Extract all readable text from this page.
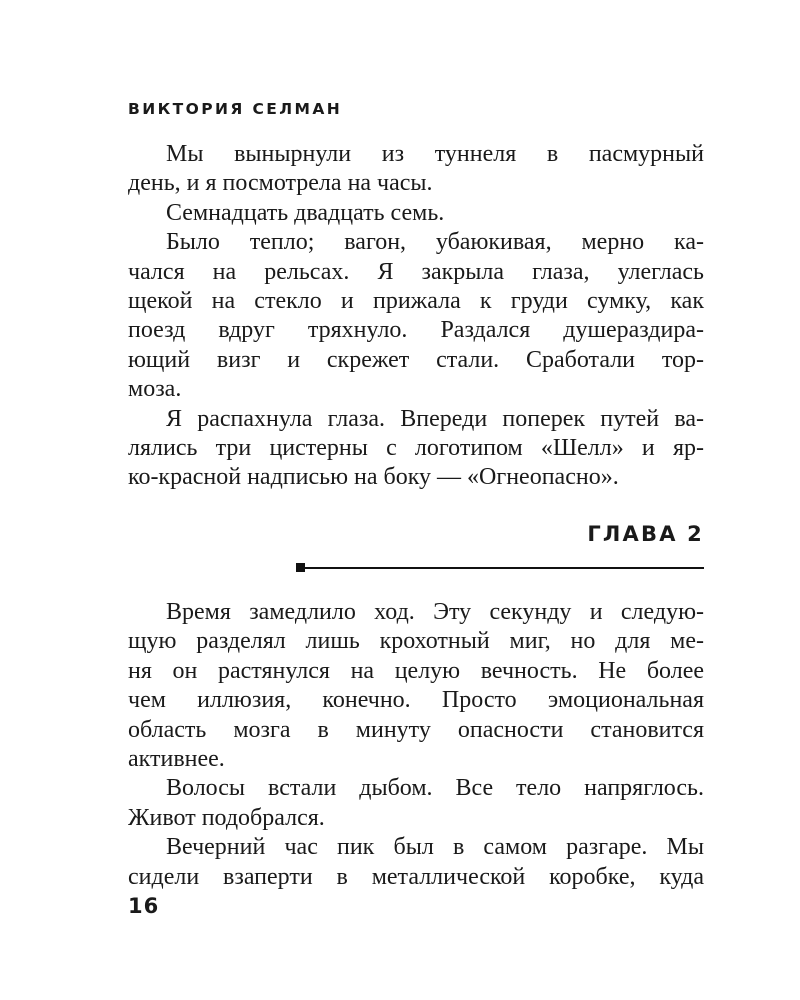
ВИКТОРИЯ СЕЛМАН

Мы вынырнули из туннеля в пасмурный
день, и я посмотрела на часы.

Семнадцать двадцать семь.

Было тепло; вагон, убаюкивая, мерно ка-
чался на рельсах. Я закрыла глаза, улеглась
щекой на стекло и прижала к груди сумку, как
поезд вдруг тряхнуло. Раздался душераздира-
ющий визг и скрежет стали. Сработали тор-
моза.

Я распахнула глаза. Впереди поперек путей ва-
лялись три цистерны с логотипом «Шелл» и яр-
ко-красной надписью на боку — «Огнеопасно».

ГЛАВА 2

Время замедлило ход. Эту секунду и следую-
щую разделял лишь крохотный миг, но для ме-
ня он растянулся на целую вечность. Не более
чем иллюзия, конечно. Просто эмоциональная
область мозга в минуту опасности становится
активнее.

Волосы встали дыбом. Все тело напряглось.
Живот подобрался.

Вечерний час пик был в самом разгаре. Мы
сидели взаперти в металлической коробке, куда

16
